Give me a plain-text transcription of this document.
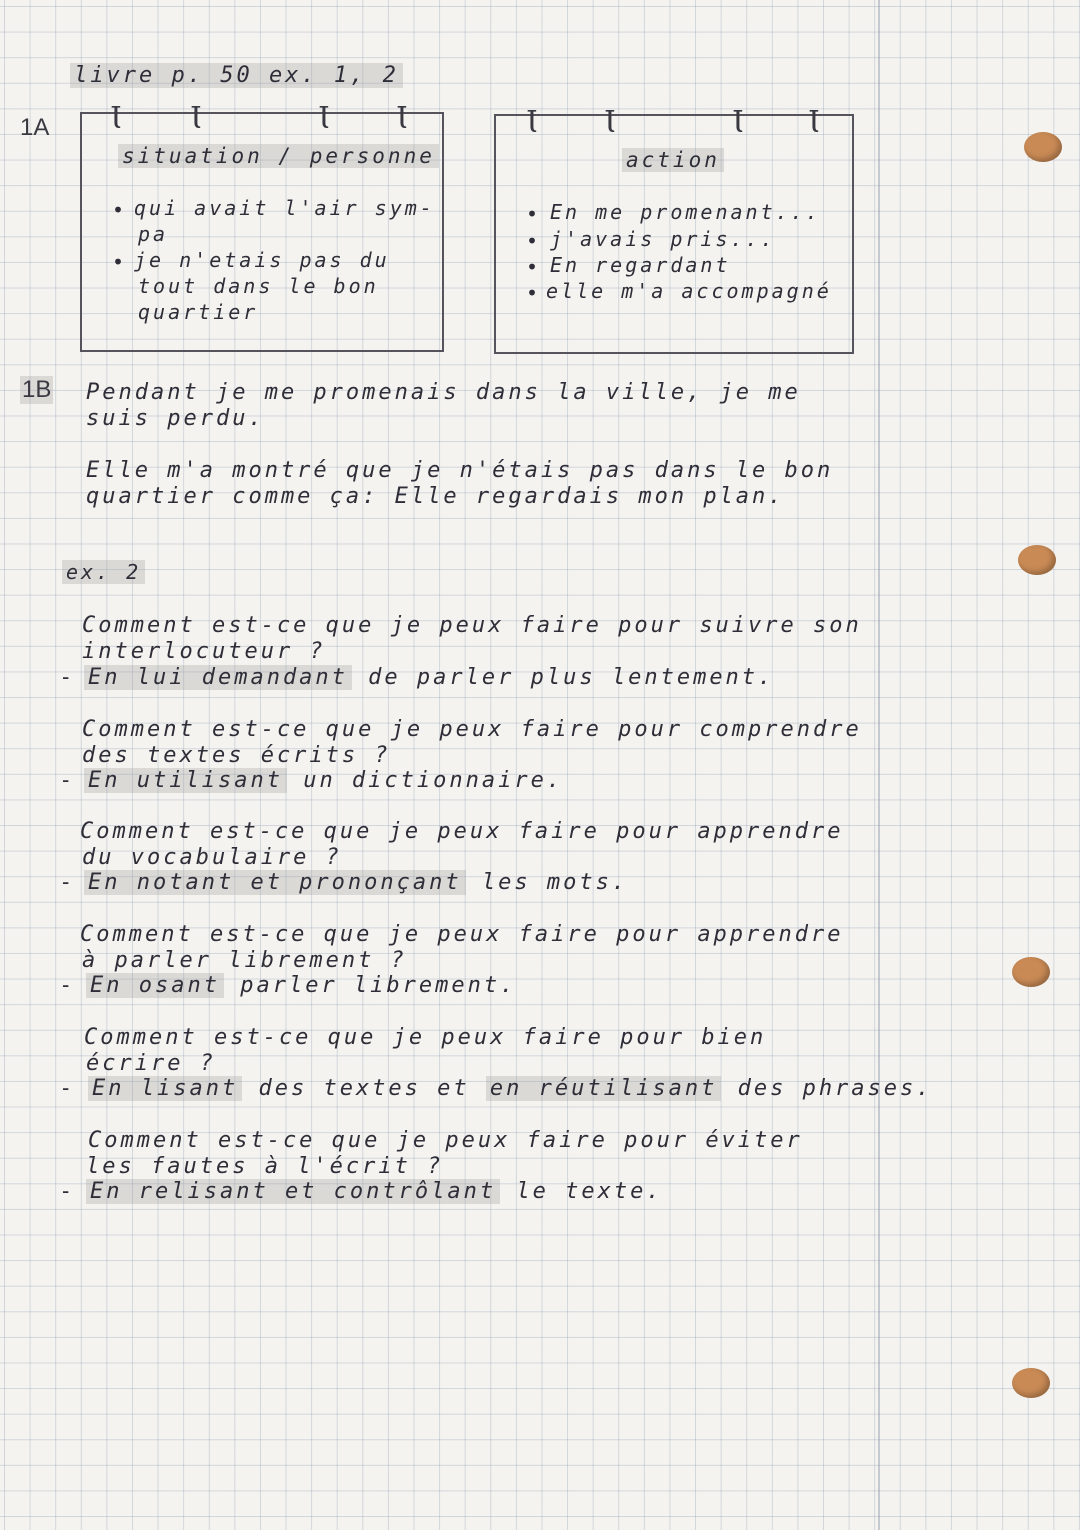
livre p. 50 ex. 1, 2
1A Ɩ	Ɩ	Ɩ	Ɩ
situation / personne
• qui avait l'air sym-
pa
• je n'etais pas du
tout dans le bon
quartier
Ɩ	Ɩ	Ɩ	Ɩ
action
• En me promenant...
• j'avais pris...
• En regardant
• elle m'a accompagné
1B Pendant je me promenais dans la ville, je me
suis perdu.
Elle m'a montré que je n'étais pas dans le bon
quartier comme ça: Elle regardais mon plan.
ex. 2
Comment est-ce que je peux faire pour suivre son
interlocuteur ?
- En lui demandant de parler plus lentement.
Comment est-ce que je peux faire pour comprendre
des textes écrits ?
- En utilisant un dictionnaire.
Comment est-ce que je peux faire pour apprendre
du vocabulaire ?
- En notant et prononçant les mots.
Comment est-ce que je peux faire pour apprendre
à parler librement ?
- En osant parler librement.
Comment est-ce que je peux faire pour bien
écrire ?
- En lisant des textes et en réutilisant des phrases.
Comment est-ce que je peux faire pour éviter
les fautes à l'écrit ?
- En relisant et contrôlant le texte.
